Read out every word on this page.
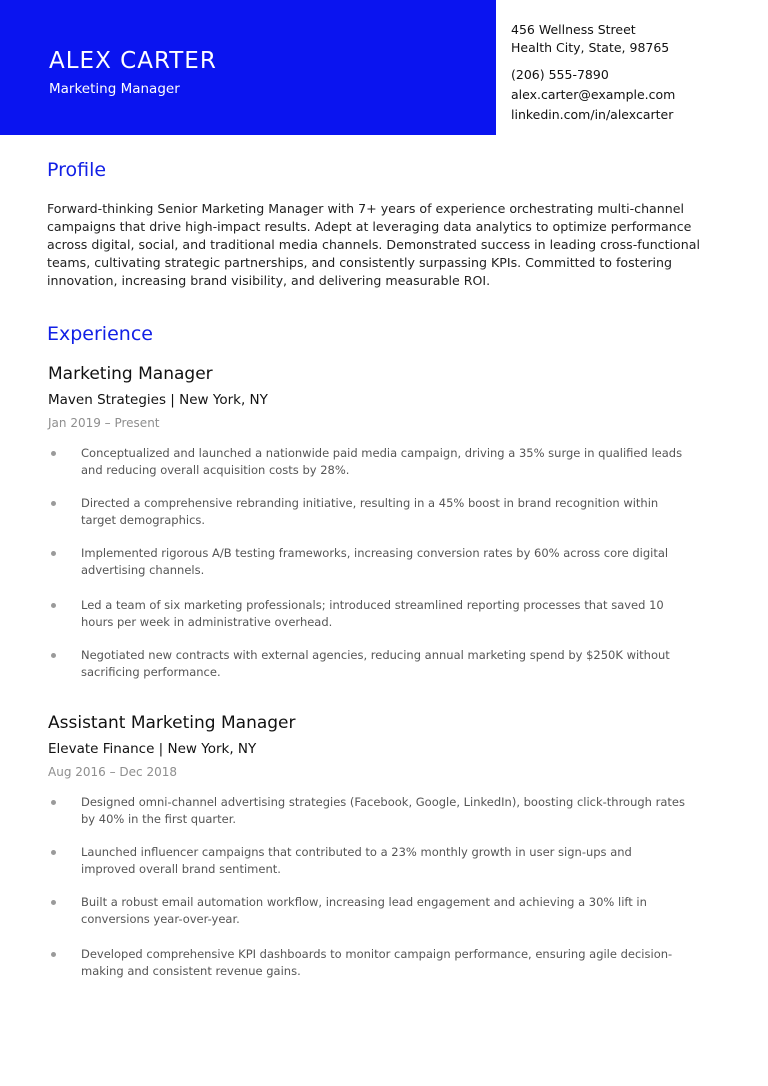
ALEX CARTER
Marketing Manager
456 Wellness Street
Health City, State, 98765
(206) 555-7890
alex.carter@example.com
linkedin.com/in/alexcarter
Profile
Forward-thinking Senior Marketing Manager with 7+ years of experience orchestrating multi-channel campaigns that drive high-impact results. Adept at leveraging data analytics to optimize performance across digital, social, and traditional media channels. Demonstrated success in leading cross-functional teams, cultivating strategic partnerships, and consistently surpassing KPIs. Committed to fostering innovation, increasing brand visibility, and delivering measurable ROI.
Experience
Marketing Manager
Maven Strategies | New York, NY
Jan 2019 – Present
Conceptualized and launched a nationwide paid media campaign, driving a 35% surge in qualified leads and reducing overall acquisition costs by 28%.
Directed a comprehensive rebranding initiative, resulting in a 45% boost in brand recognition within target demographics.
Implemented rigorous A/B testing frameworks, increasing conversion rates by 60% across core digital advertising channels.
Led a team of six marketing professionals; introduced streamlined reporting processes that saved 10 hours per week in administrative overhead.
Negotiated new contracts with external agencies, reducing annual marketing spend by $250K without sacrificing performance.
Assistant Marketing Manager
Elevate Finance | New York, NY
Aug 2016 – Dec 2018
Designed omni-channel advertising strategies (Facebook, Google, LinkedIn), boosting click-through rates by 40% in the first quarter.
Launched influencer campaigns that contributed to a 23% monthly growth in user sign-ups and improved overall brand sentiment.
Built a robust email automation workflow, increasing lead engagement and achieving a 30% lift in conversions year-over-year.
Developed comprehensive KPI dashboards to monitor campaign performance, ensuring agile decision-making and consistent revenue gains.
